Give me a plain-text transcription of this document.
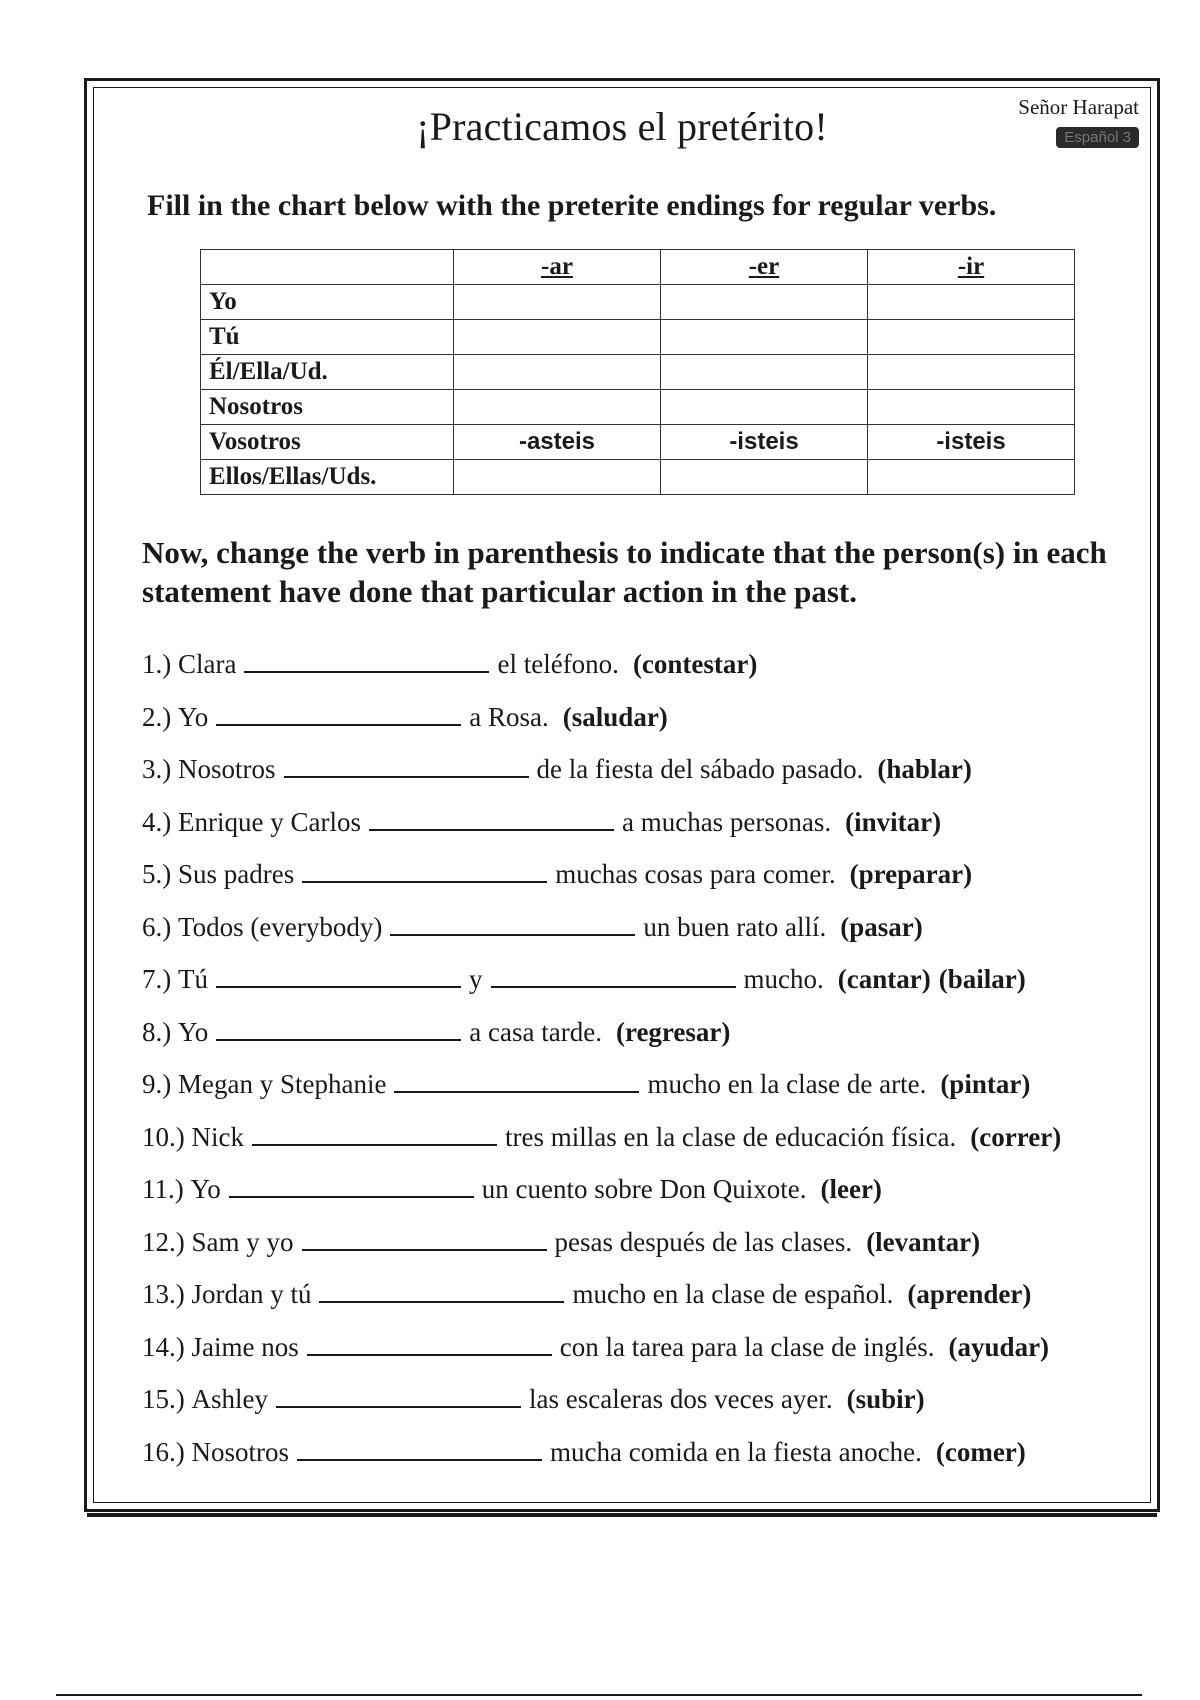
Señor Harapat
Español 3
¡Practicamos el pretérito!
Fill in the chart below with the preterite endings for regular verbs.
	-ar	-er	-ir
Yo			
Tú			
Él/Ella/Ud.			
Nosotros			
Vosotros	-asteis	-isteis	-isteis
Ellos/Ellas/Uds.			
Now, change the verb in parenthesis to indicate that the person(s) in each statement have done that particular action in the past.
1.)
Clara	el teléfono. (contestar)
2.)
Yo	a Rosa. (saludar)
3.)
Nosotros	de la fiesta del sábado pasado. (hablar)
4.)
Enrique y Carlos	a muchas personas. (invitar)
5.)
Sus padres	muchas cosas para comer. (preparar)
6.)
Todos (everybody)	un buen rato allí. (pasar)
7.)
Tú	y	mucho. (cantar) (bailar)
8.)
Yo	a casa tarde. (regresar)
9.)
Megan y Stephanie	mucho en la clase de arte. (pintar)
10.)
Nick	tres millas en la clase de educación física. (correr)
11.)
Yo	un cuento sobre Don Quixote. (leer)
12.)
Sam y yo	pesas después de las clases. (levantar)
13.)
Jordan y tú	mucho en la clase de español. (aprender)
14.)
Jaime nos	con la tarea para la clase de inglés. (ayudar)
15.)
Ashley	las escaleras dos veces ayer. (subir)
16.)
Nosotros	mucha comida en la fiesta anoche. (comer)
